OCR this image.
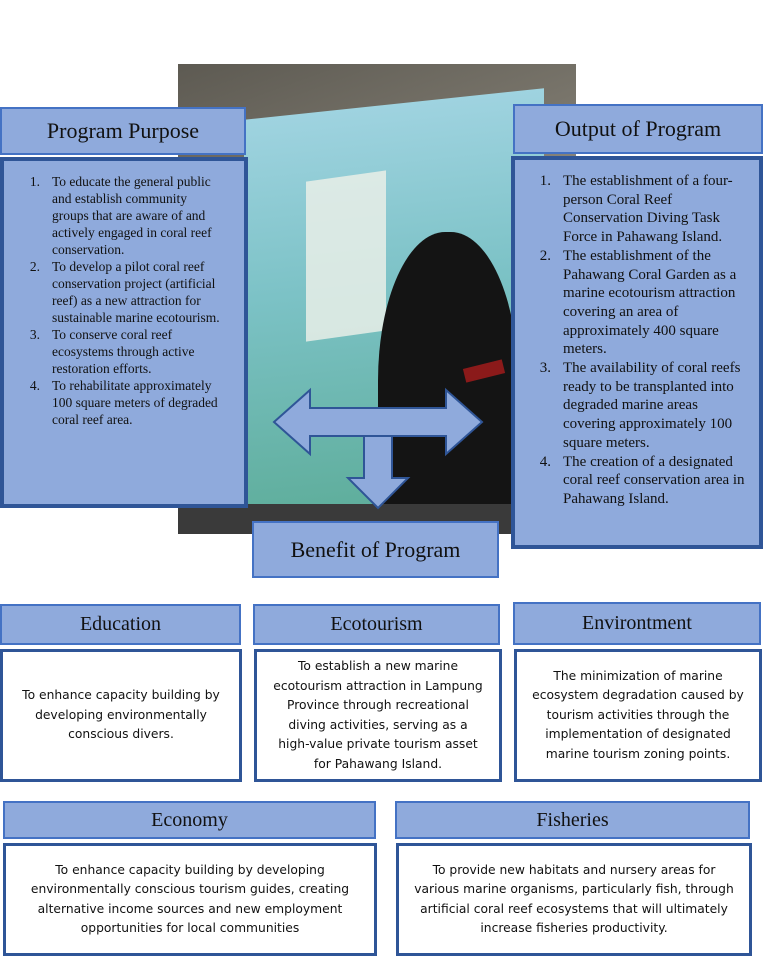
Program Purpose
1. To educate the general public and establish community groups that are aware of and actively engaged in coral reef conservation.
2. To develop a pilot coral reef conservation project (artificial reef) as a new attraction for sustainable marine ecotourism.
3. To conserve coral reef ecosystems through active restoration efforts.
4. To rehabilitate approximately 100 square meters of degraded coral reef area.
Output of Program
1. The establishment of a four-person Coral Reef Conservation Diving Task Force in Pahawang Island.
2. The establishment of the Pahawang Coral Garden as a marine ecotourism attraction covering an area of approximately 400 square meters.
3. The availability of coral reefs ready to be transplanted into degraded marine areas covering approximately 100 square meters.
4. The creation of a designated coral reef conservation area in Pahawang Island.
Benefit of Program
Education
To enhance capacity building by developing environmentally conscious divers.
Ecotourism
To establish a new marine ecotourism attraction in Lampung Province through recreational diving activities, serving as a high-value private tourism asset for Pahawang Island.
Environtment
The minimization of marine ecosystem degradation caused by tourism activities through the implementation of designated marine tourism zoning points.
Economy
To enhance capacity building by developing environmentally conscious tourism guides, creating alternative income sources and new employment opportunities for local communities
Fisheries
To provide new habitats and nursery areas for various marine organisms, particularly fish, through artificial coral reef ecosystems that will ultimately increase fisheries productivity.
